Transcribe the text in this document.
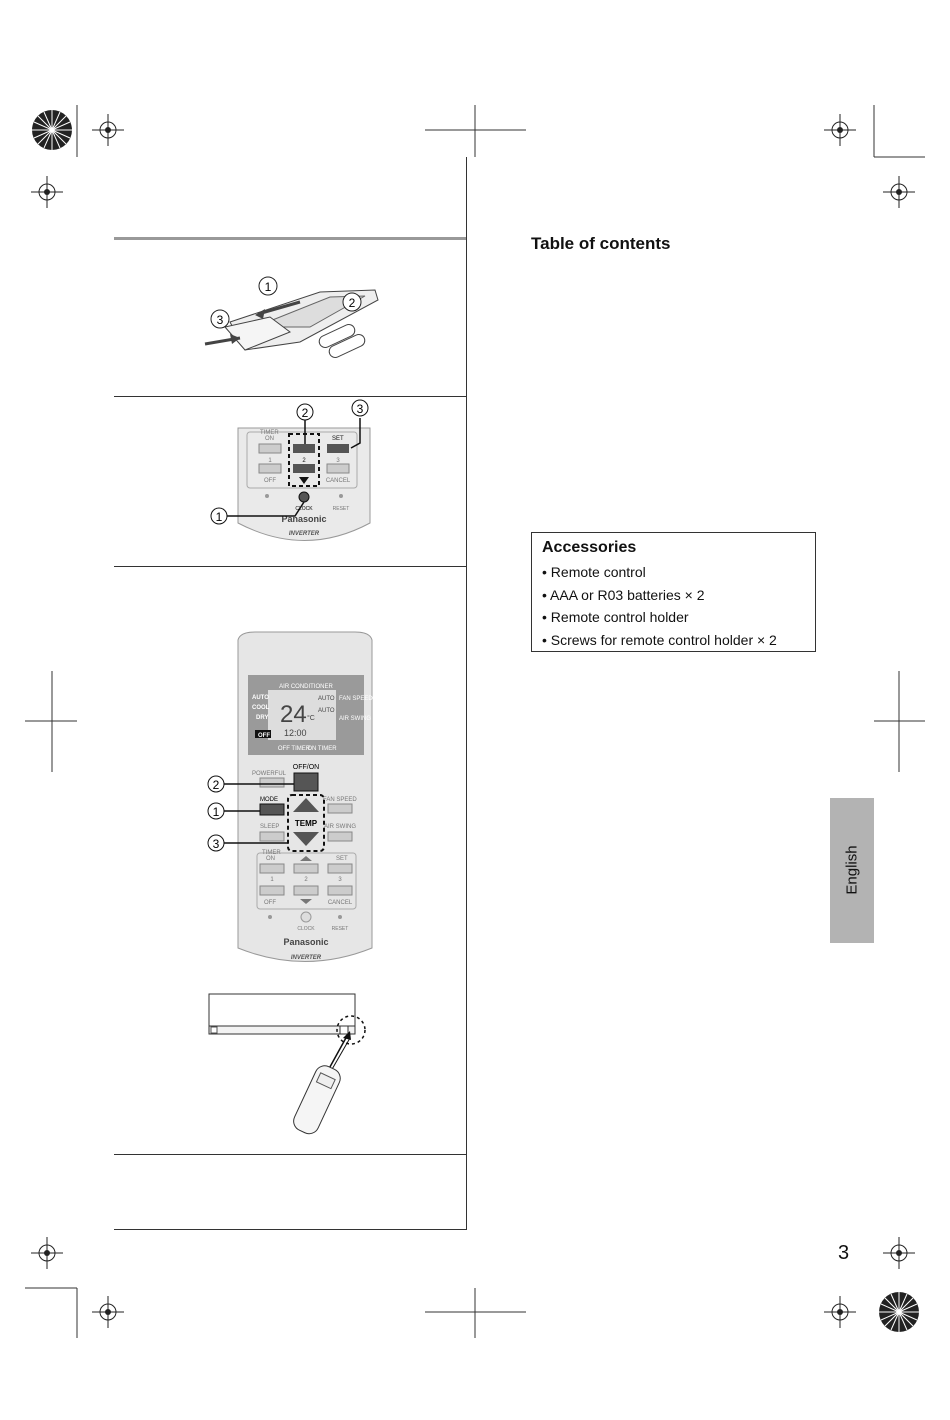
1
2
3
TIMER
ON	SET
1	2	3
OFF	CANCEL
CLOCK	RESET
Panasonic
INVERTER
2	3
1
AIR CONDITIONER
AUTO
COOL
DRY 24 °C
AUTO
AUTO
FAN SPEED
AIR SWING
OFF 12:00
OFF TIMER
ON TIMER
OFF/ON
POWERFUL
MODE	FAN SPEED
TEMP
SLEEP	AIR SWING
TIMER
ON	SET
1	2	3
OFF	CANCEL
CLOCK	RESET
Panasonic
INVERTER
2
1
3
Table of contents
Accessories
• Remote control
• AAA or R03 batteries × 2
• Remote control holder
• Screws for remote control holder × 2
English
3
